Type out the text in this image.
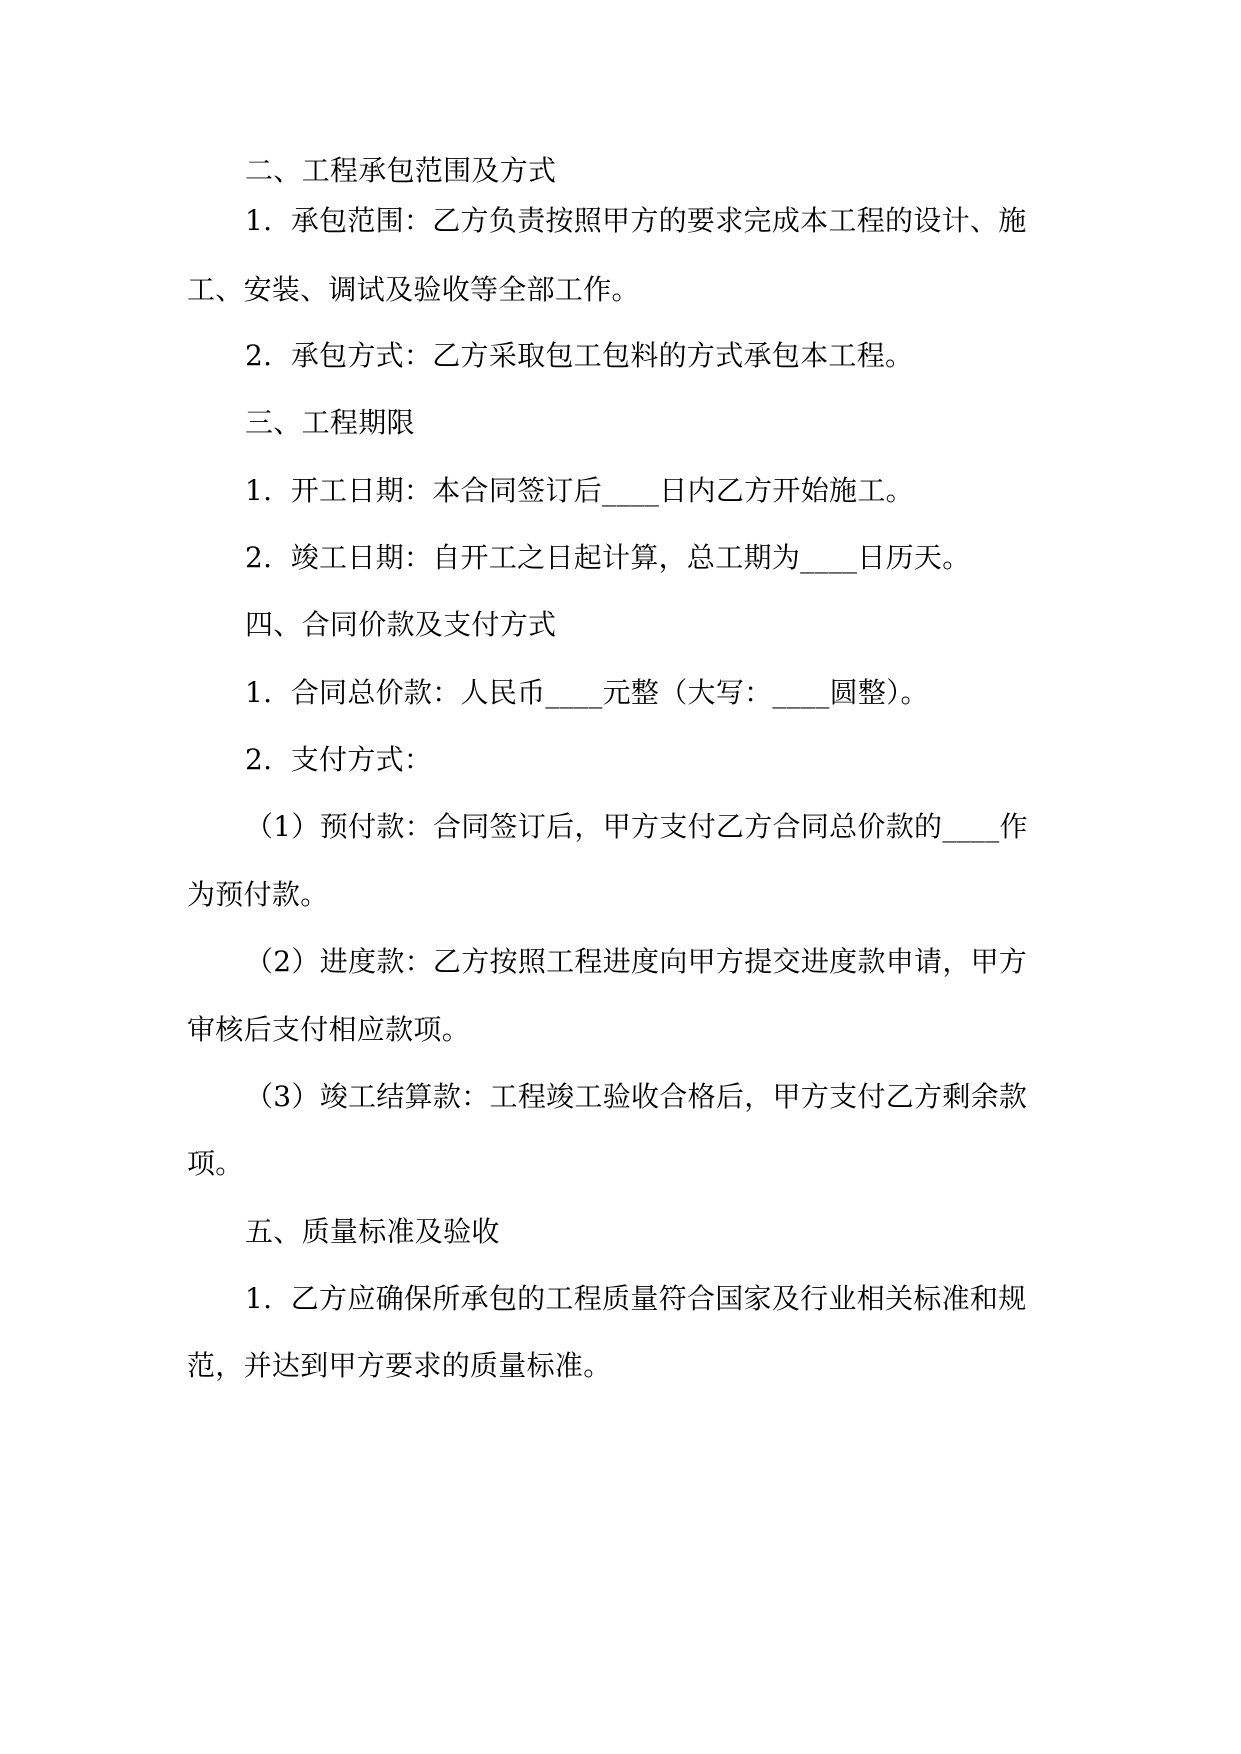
二、工程承包范围及方式
1.  承包范围：乙方负责按照甲方的要求完成本工程的设计、施
工、安装、调试及验收等全部工作。
2.  承包方式：乙方采取包工包料的方式承包本工程。
三、工程期限
1.  开工日期：本合同签订后____日内乙方开始施工。
2.  竣工日期：自开工之日起计算，总工期为____日历天。
四、合同价款及支付方式
1.  合同总价款：人民币____元整（大写：____圆整）。
2.  支付方式：
（1）预付款：合同签订后，甲方支付乙方合同总价款的____作
为预付款。
（2）进度款：乙方按照工程进度向甲方提交进度款申请，甲方
审核后支付相应款项。
（3）竣工结算款：工程竣工验收合格后，甲方支付乙方剩余款
项。
五、质量标准及验收
1.  乙方应确保所承包的工程质量符合国家及行业相关标准和规
范，并达到甲方要求的质量标准。
